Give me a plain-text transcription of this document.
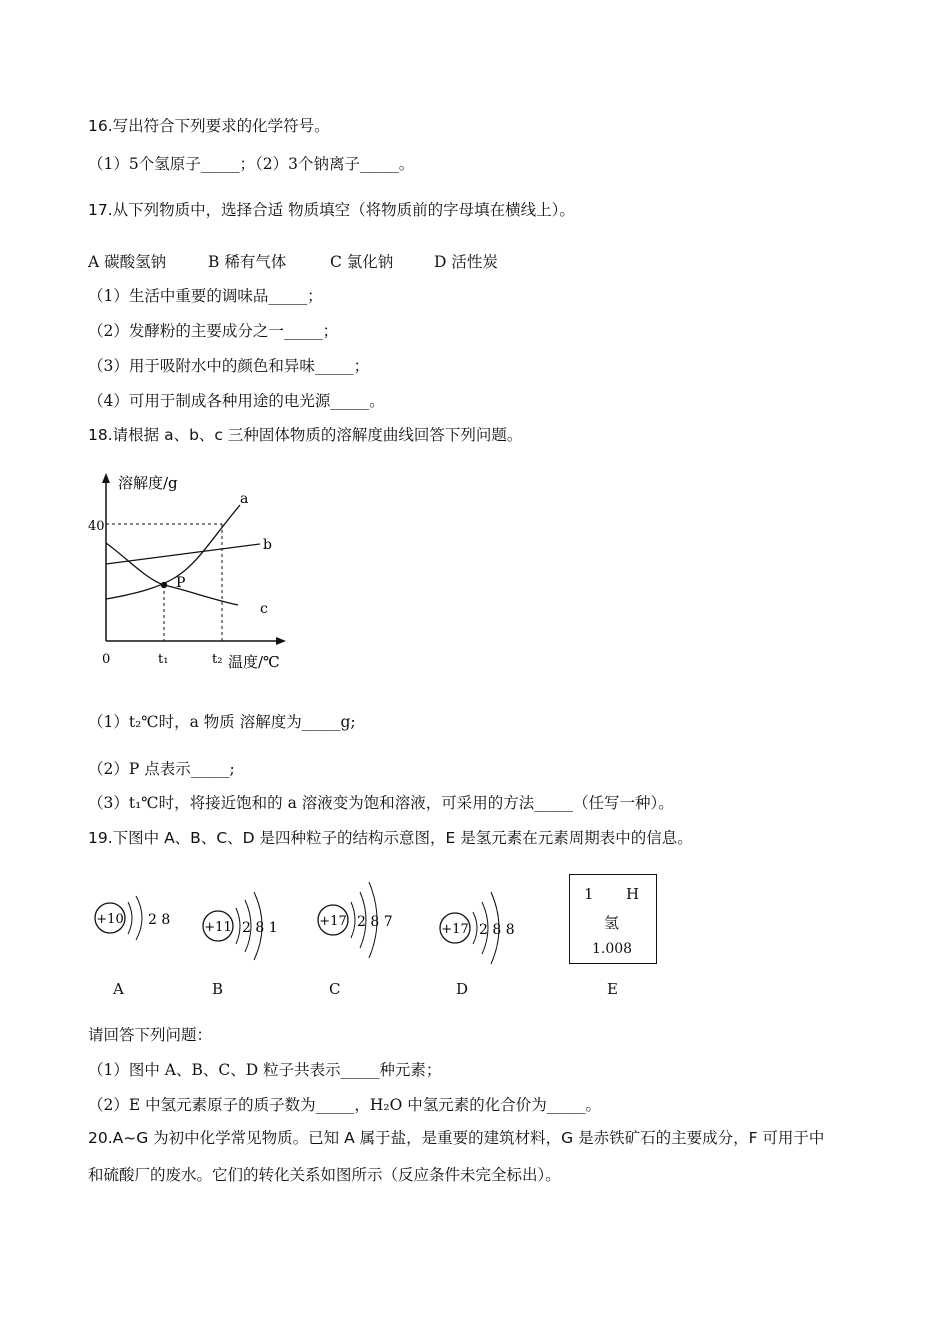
16.写出符合下列要求的化学符号。
（1）5个氢原子_____；（2）3个钠离子_____。
17.从下列物质中，选择合适 物质填空（将物质前的字母填在横线上）。
A 碳酸氢钠	B 稀有气体	C 氯化钠	D 活性炭
（1）生活中重要的调味品_____；
（2）发酵粉的主要成分之一_____；
（3）用于吸附水中的颜色和异味_____；
（4）可用于制成各种用途的电光源_____。
18.请根据 a、b、c 三种固体物质的溶解度曲线回答下列问题。
溶解度/g
40
0	t₁	t₂ 温度/℃
a
b
c
P
（1）t₂℃时，a 物质 溶解度为_____g;
（2）P 点表示_____;
（3）t₁℃时，将接近饱和的 a 溶液变为饱和溶液，可采用的方法_____（任写一种）。
19.下图中 A、B、C、D 是四种粒子的结构示意图，E 是氢元素在元素周期表中的信息。
+10 2 8
A
+11 2 8 1
B
+17 2 8 7
C
+17 2 8 8
D
1 H
氢
1.008
E
请回答下列问题：
（1）图中 A、B、C、D 粒子共表示_____种元素；
（2）E 中氢元素原子的质子数为_____，H₂O 中氢元素的化合价为_____。
20.A~G 为初中化学常见物质。已知 A 属于盐，是重要的建筑材料，G 是赤铁矿石的主要成分，F 可用于中
和硫酸厂的废水。它们的转化关系如图所示（反应条件未完全标出）。
